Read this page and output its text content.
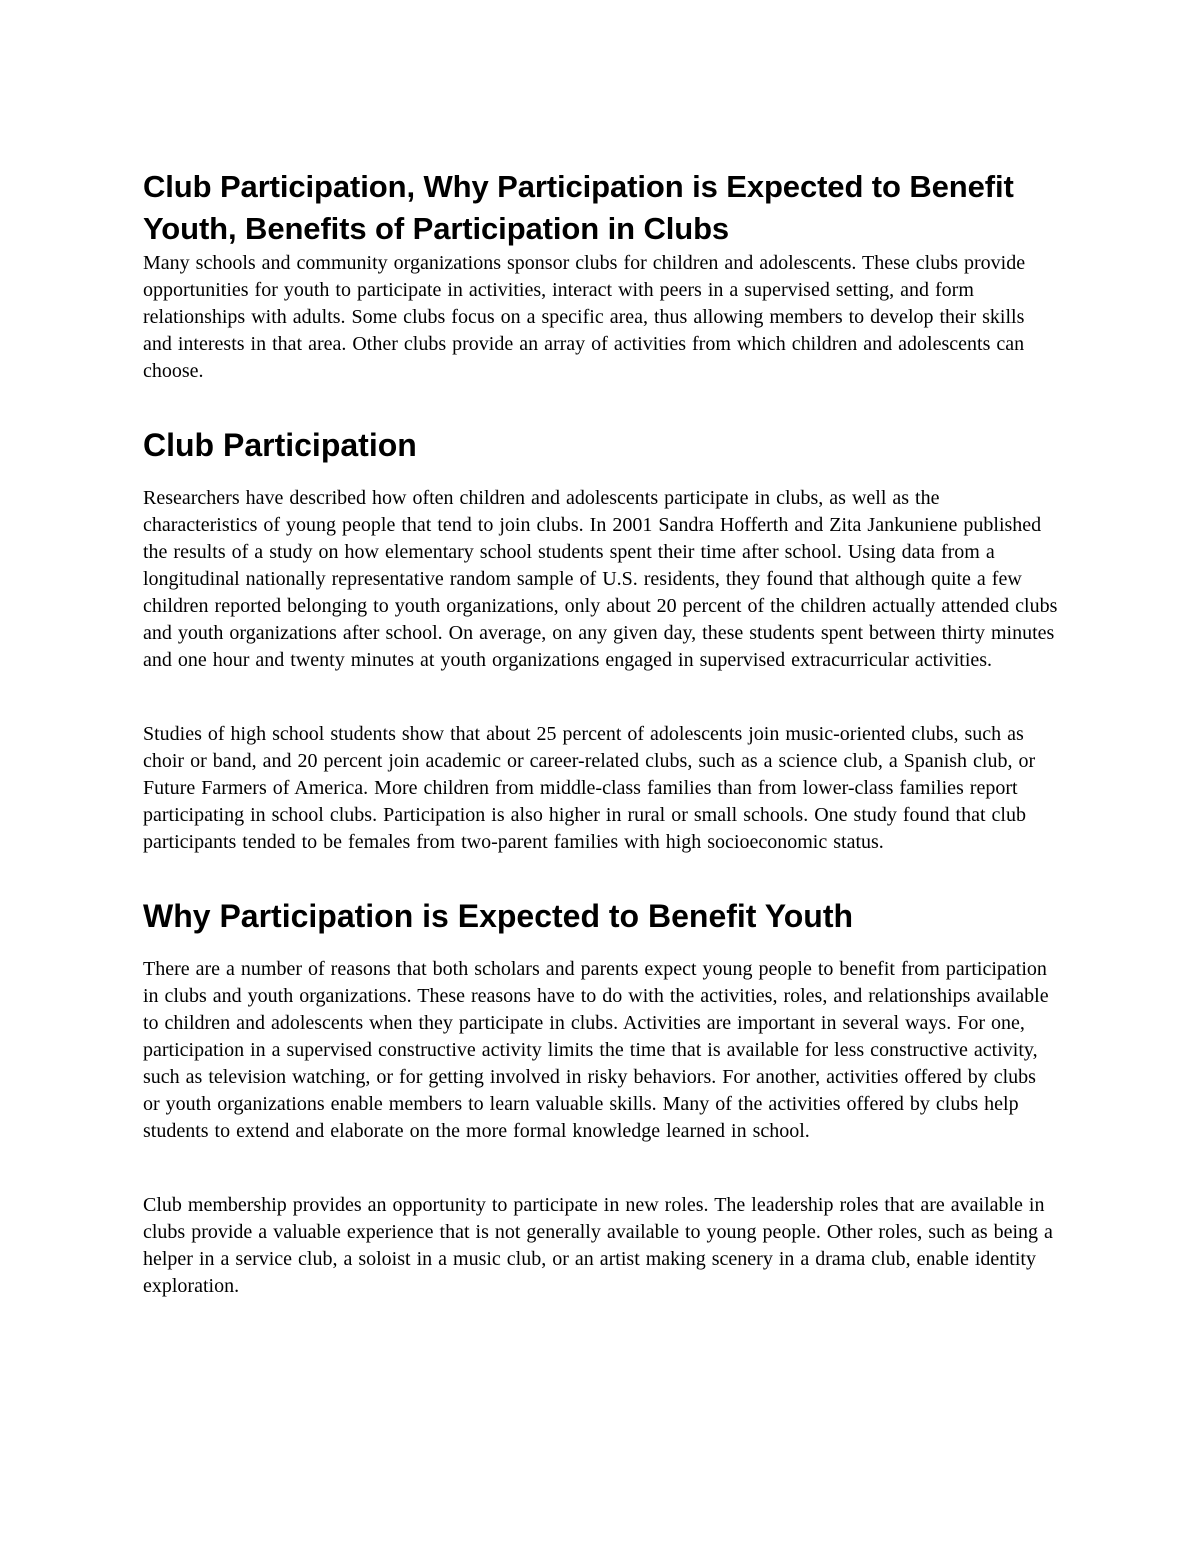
Club Participation, Why Participation is Expected to Benefit Youth, Benefits of Participation in Clubs

Many schools and community organizations sponsor clubs for children and adolescents. These clubs provide opportunities for youth to participate in activities, interact with peers in a supervised setting, and form relationships with adults. Some clubs focus on a specific area, thus allowing members to develop their skills and interests in that area. Other clubs provide an array of activities from which children and adolescents can choose.

Club Participation

Researchers have described how often children and adolescents participate in clubs, as well as the characteristics of young people that tend to join clubs. In 2001 Sandra Hofferth and Zita Jankuniene published the results of a study on how elementary school students spent their time after school. Using data from a longitudinal nationally representative random sample of U.S. residents, they found that although quite a few children reported belonging to youth organizations, only about 20 percent of the children actually attended clubs and youth organizations after school. On average, on any given day, these students spent between thirty minutes and one hour and twenty minutes at youth organizations engaged in supervised extracurricular activities.

Studies of high school students show that about 25 percent of adolescents join music-oriented clubs, such as choir or band, and 20 percent join academic or career-related clubs, such as a science club, a Spanish club, or Future Farmers of America. More children from middle-class families than from lower-class families report participating in school clubs. Participation is also higher in rural or small schools. One study found that club participants tended to be females from two-parent families with high socioeconomic status.

Why Participation is Expected to Benefit Youth

There are a number of reasons that both scholars and parents expect young people to benefit from participation in clubs and youth organizations. These reasons have to do with the activities, roles, and relationships available to children and adolescents when they participate in clubs. Activities are important in several ways. For one, participation in a supervised constructive activity limits the time that is available for less constructive activity, such as television watching, or for getting involved in risky behaviors. For another, activities offered by clubs or youth organizations enable members to learn valuable skills. Many of the activities offered by clubs help students to extend and elaborate on the more formal knowledge learned in school.

Club membership provides an opportunity to participate in new roles. The leadership roles that are available in clubs provide a valuable experience that is not generally available to young people. Other roles, such as being a helper in a service club, a soloist in a music club, or an artist making scenery in a drama club, enable identity exploration.
